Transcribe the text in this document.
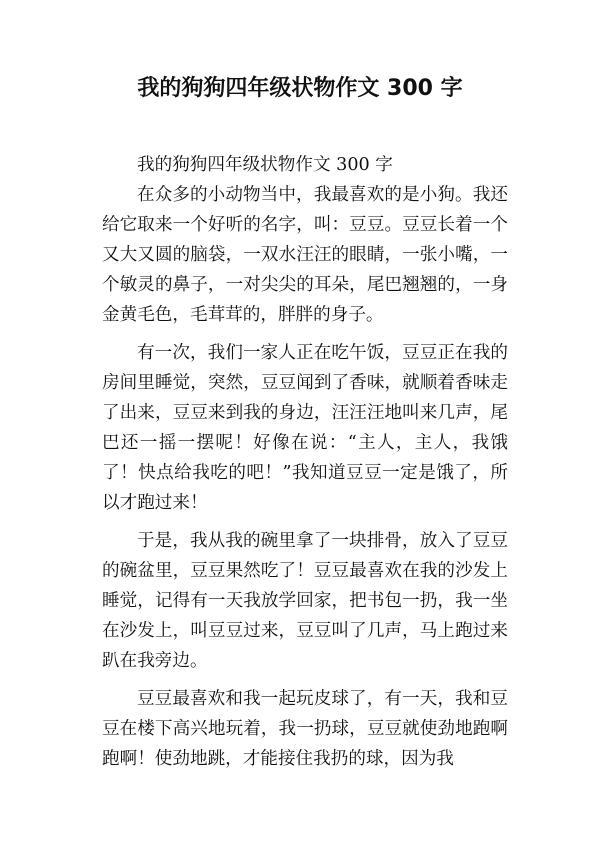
我的狗狗四年级状物作文 300 字

我的狗狗四年级状物作文 300 字

在众多的小动物当中，我最喜欢的是小狗。我还给它取来一个好听的名字，叫：豆豆。豆豆长着一个又大又圆的脑袋，一双水汪汪的眼睛，一张小嘴，一个敏灵的鼻子，一对尖尖的耳朵，尾巴翘翘的，一身金黄毛色，毛茸茸的，胖胖的身子。

有一次，我们一家人正在吃午饭，豆豆正在我的房间里睡觉，突然，豆豆闻到了香味，就顺着香味走了出来，豆豆来到我的身边，汪汪汪地叫来几声，尾巴还一摇一摆呢！好像在说：“主人，主人，我饿了！快点给我吃的吧！”我知道豆豆一定是饿了，所以才跑过来！

于是，我从我的碗里拿了一块排骨，放入了豆豆的碗盆里，豆豆果然吃了！豆豆最喜欢在我的沙发上睡觉，记得有一天我放学回家，把书包一扔，我一坐在沙发上，叫豆豆过来，豆豆叫了几声，马上跑过来趴在我旁边。

豆豆最喜欢和我一起玩皮球了，有一天，我和豆豆在楼下高兴地玩着，我一扔球，豆豆就使劲地跑啊跑啊！使劲地跳，才能接住我扔的球，因为我
